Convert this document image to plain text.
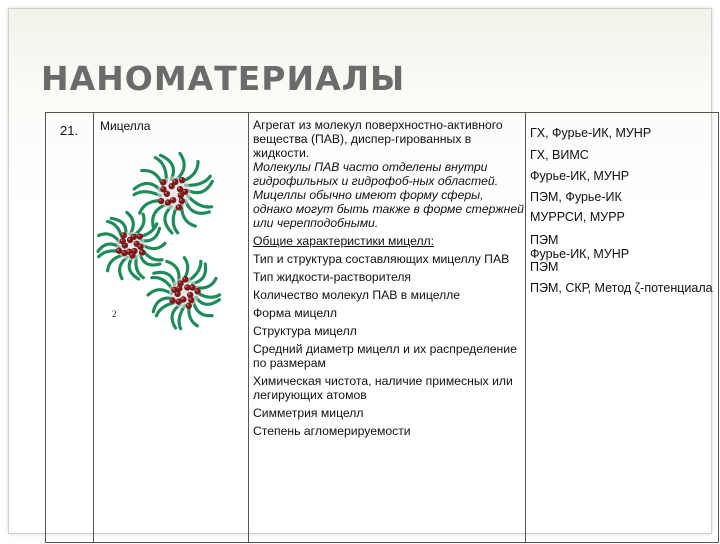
НАНОМАТЕРИАЛЫ
21. Мицелла
2

Агрегат из молекул поверхностно-активного вещества (ПАВ), диспер-гированных в жидкости.

Молекулы ПАВ часто отделены внутри гидрофильных и гидрофоб-ных областей. Мицеллы обычно имеют форму сферы, однако могут быть также в форме стержней или черепподобными.

Общие характеристики мицелл:

Тип и структура составляющих мицеллу ПАВ

Тип жидкости-растворителя

Количество молекул ПАВ в мицелле

Форма мицелл

Структура мицелл

Средний диаметр мицелл и их распределение по размерам

Химическая чистота, наличие примесных или легирующих атомов

Симметрия мицелл

Степень агломерируемости

ГХ, Фурье-ИК, МУНР
ГХ, ВИМС
Фурье-ИК, МУНР
ПЭМ, Фурье-ИК
МУРРСИ, МУРР
ПЭМ
Фурье-ИК, МУНР
ПЭМ
ПЭМ, СКР, Метод ζ-потенциала
